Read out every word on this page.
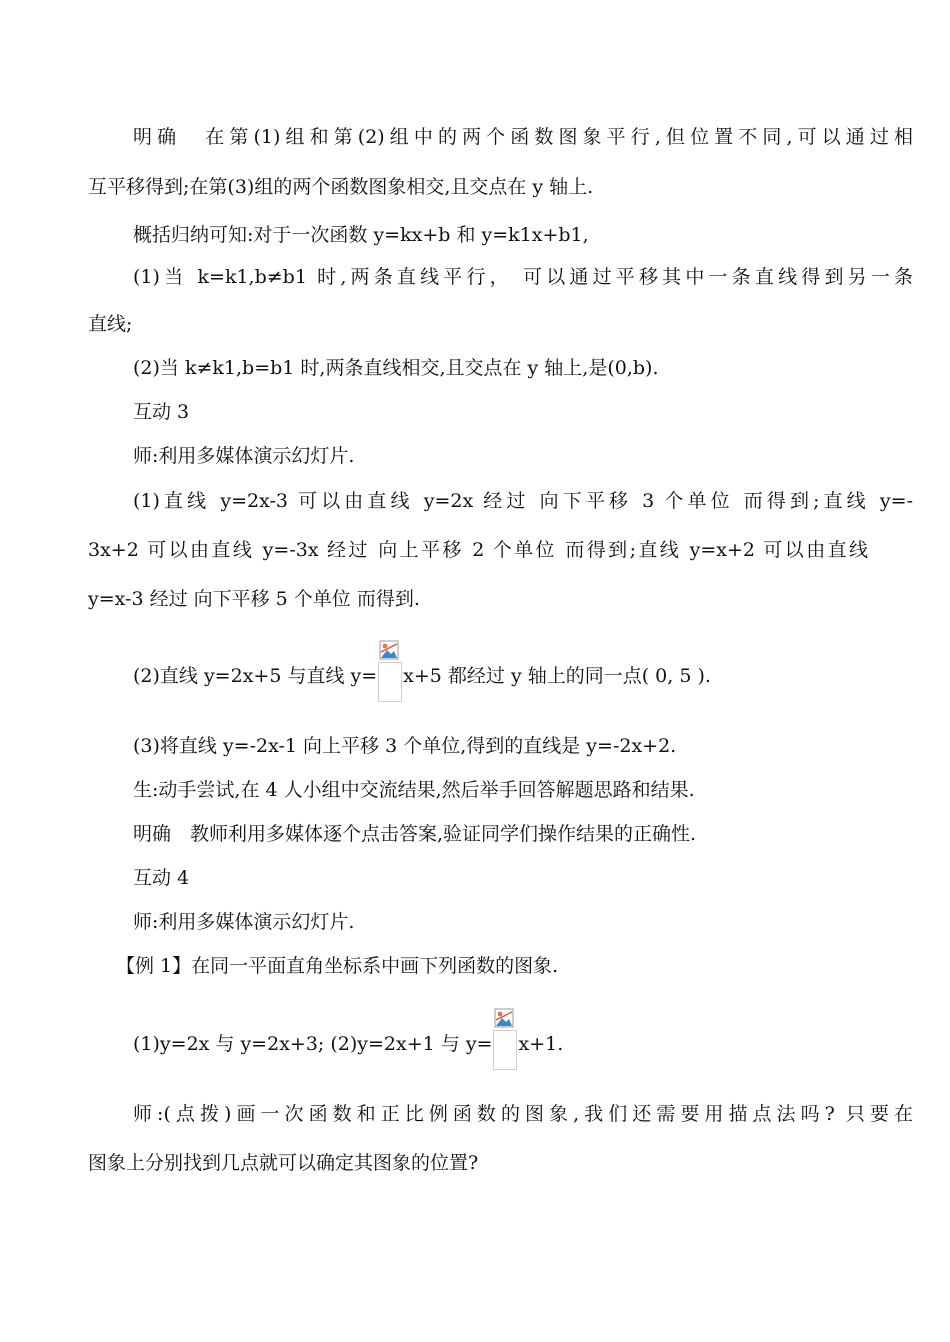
明确　在第(1)组和第(2)组中的两个函数图象平行,但位置不同,可以通过相
互平移得到;在第(3)组的两个函数图象相交,且交点在 y 轴上.
概括归纳可知:对于一次函数 y=kx+b 和 y=k1x+b1,
(1)当 k=k1,b≠b1 时,两条直线平行， 可以通过平移其中一条直线得到另一条
直线;
(2)当 k≠k1,b=b1 时,两条直线相交,且交点在 y 轴上,是(0,b).
互动 3
师:利用多媒体演示幻灯片.
(1)直线 y=2x-3 可以由直线 y=2x 经过 向下平移 3 个单位 而得到;直线 y=-
3x+2 可以由直线 y=-3x 经过 向上平移 2 个单位 而得到;直线 y=x+2 可以由直线
y=x-3 经过 向下平移 5 个单位 而得到.
(2)直线 y=2x+5 与直线 y= x+5 都经过 y 轴上的同一点( 0, 5 ).
(3)将直线 y=-2x-1 向上平移 3 个单位,得到的直线是 y=-2x+2.
生:动手尝试,在 4 人小组中交流结果,然后举手回答解题思路和结果.
明确　教师利用多媒体逐个点击答案,验证同学们操作结果的正确性.
互动 4
师:利用多媒体演示幻灯片.
【例 1】在同一平面直角坐标系中画下列函数的图象.
(1)y=2x 与 y=2x+3; (2)y=2x+1 与 y= x+1.
师:(点拨)画一次函数和正比例函数的图象,我们还需要用描点法吗? 只要在
图象上分别找到几点就可以确定其图象的位置?
